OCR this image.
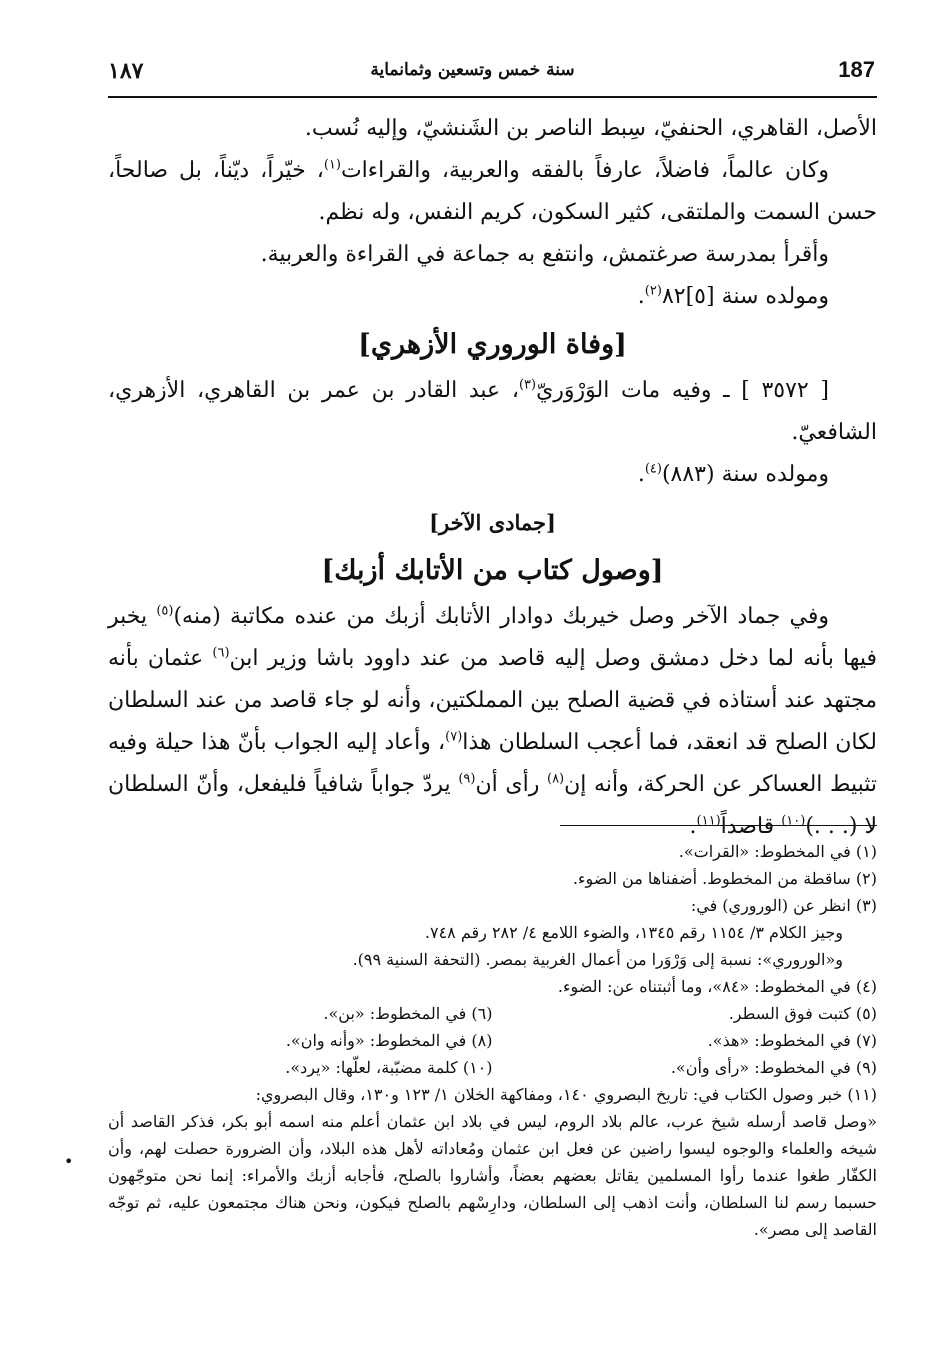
١٨٧	سنة خمس وتسعين وثمانماية	187

الأصل، القاهري، الحنفيّ، سِبط الناصر بن الشَنشيّ، وإليه نُسب.

وكان عالماً، فاضلاً، عارفاً بالفقه والعربية، والقراءات$^{(١)}$، خيّراً، ديّناً، بل صالحاً، حسن السمت والملتقى، كثير السكون، كريم النفس، وله نظم.

وأقرأ بمدرسة صرغتمش، وانتفع به جماعة في القراءة والعربية.

ومولده سنة [٥]٨٢$^{(٢)}$.

[وفاة الوروري الأزهري]

[ ٣٥٧٢ ] ـ وفيه مات الوَرْوَريّ$^{(٣)}$، عبد القادر بن عمر بن القاهري، الأزهري، الشافعيّ.

ومولده سنة (٨٨٣)$^{(٤)}$.

[جمادى الآخر]

[وصول كتاب من الأتابك أزبك]

وفي جماد الآخر وصل خيربك دوادار الأتابك أزبك من عنده مكاتبة (منه)$^{(٥)}$ يخبر فيها بأنه لما دخل دمشق وصل إليه قاصد من عند داوود باشا وزير ابن$^{(٦)}$ عثمان بأنه مجتهد عند أستاذه في قضية الصلح بين المملكتين، وأنه لو جاء قاصد من عند السلطان لكان الصلح قد انعقد، فما أعجب السلطان هذا$^{(٧)}$، وأعاد إليه الجواب بأنّ هذا حيلة وفيه تثبيط العساكر عن الحركة، وأنه إن$^{(٨)}$ رأى أن$^{(٩)}$ يردّ جواباً شافياً فليفعل، وأنّ السلطان لا (. . .)$^{(١٠)}$ قاصداً$^{(١١)}$.

(١) في المخطوط: «القرات».

(٢) ساقطة من المخطوط. أضفناها من الضوء.

(٣) انظر عن (الوروري) في:

وجيز الكلام ٣/ ١١٥٤ رقم ١٣٤٥، والضوء اللامع ٤/ ٢٨٢ رقم ٧٤٨.

و«الوروري»: نسبة إلى وَرْوَرا من أعمال الغربية بمصر. (التحفة السنية ٩٩).

(٤) في المخطوط: «٨٤»، وما أثبتناه عن: الضوء.

(٥) كتبت فوق السطر.
(٦) في المخطوط: «بن».
(٧) في المخطوط: «هذ».
(٨) في المخطوط: «وأنه وان».
(٩) في المخطوط: «رأى وأن».
(١٠) كلمة مضبّبة، لعلّها: «يرد».

(١١) خبر وصول الكتاب في: تاريخ البصروي ١٤٠، ومفاكهة الخلان ١/ ١٢٣ و١٣٠، وقال البصروي:

«وصل قاصد أرسله شيخ عرب، عالم بلاد الروم، ليس في بلاد ابن عثمان أعلم منه اسمه أبو بكر، فذكر القاصد أن شيخه والعلماء والوجوه ليسوا راضين عن فعل ابن عثمان ومُعاداته لأهل هذه البلاد، وأن الضرورة حصلت لهم، وأن الكفّار طغوا عندما رأوا المسلمين يقاتل بعضهم بعضاً، وأشاروا بالصلح، فأجابه أزبك والأمراء: إنما نحن متوجّهون حسبما رسم لنا السلطان، وأنت اذهب إلى السلطان، ودارِسْهم بالصلح فيكون، ونحن هناك مجتمعون عليه، ثم توجّه القاصد إلى مصر».

•
